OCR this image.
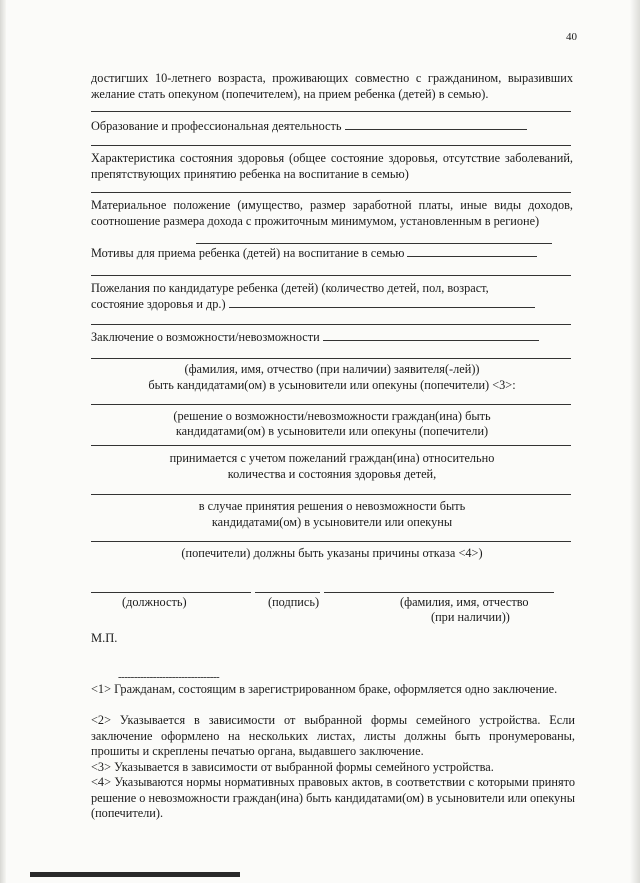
40
достигших 10-летнего возраста, проживающих совместно с гражданином, выразивших желание стать опекуном (попечителем), на прием ребенка (детей) в семью).
Образование и профессиональная деятельность
Характеристика состояния здоровья (общее состояние здоровья, отсутствие заболеваний, препятствующих принятию ребенка на воспитание в семью)
Материальное положение (имущество, размер заработной платы, иные виды доходов, соотношение размера дохода с прожиточным минимумом, установленным в регионе)
Мотивы для приема ребенка (детей) на воспитание в семью
Пожелания по кандидатуре ребенка (детей) (количество детей, пол, возраст,
состояние здоровья и др.)
Заключение о возможности/невозможности
(фамилия, имя, отчество (при наличии) заявителя(-лей))
быть кандидатами(ом) в усыновители или опекуны (попечители) <3>:
(решение о возможности/невозможности граждан(ина) быть
кандидатами(ом) в усыновители или опекуны (попечители)
принимается с учетом пожеланий граждан(ина) относительно
количества и состояния здоровья детей,
в случае принятия решения о невозможности быть
кандидатами(ом) в усыновители или опекуны
(попечители) должны быть указаны причины отказа <4>)
(должность)	(подпись)	(фамилия, имя, отчество
(при наличии))
М.П.
--------------------------------
<1> Гражданам, состоящим в зарегистрированном браке, оформляется одно заключение.
<2> Указывается в зависимости от выбранной формы семейного устройства. Если заключение оформлено на нескольких листах, листы должны быть пронумерованы, прошиты и скреплены печатью органа, выдавшего заключение.
<3> Указывается в зависимости от выбранной формы семейного устройства.
<4> Указываются нормы нормативных правовых актов, в соответствии с которыми принято решение о невозможности граждан(ина) быть кандидатами(ом) в усыновители или опекуны (попечители).
